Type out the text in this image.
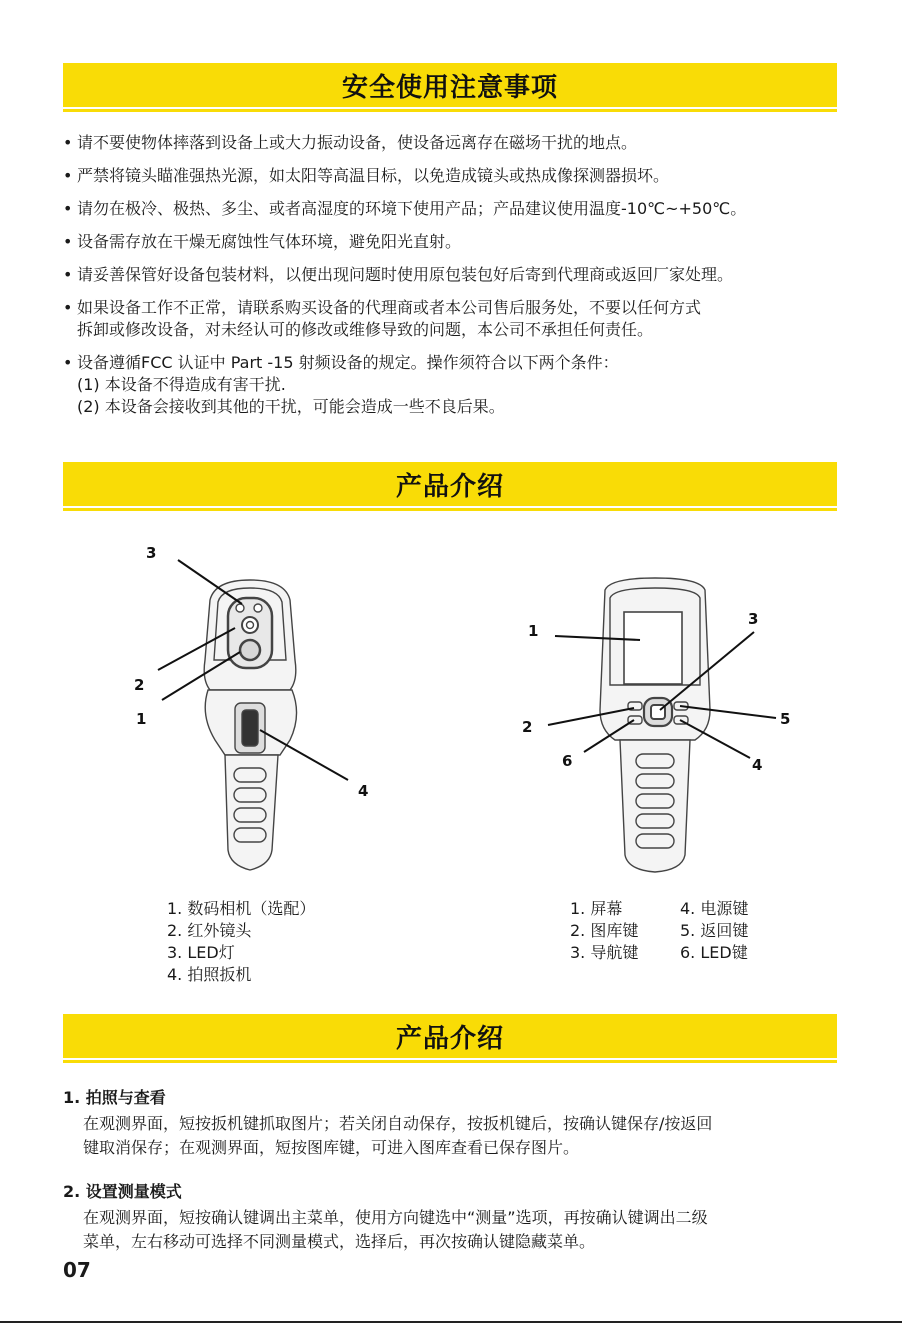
安全使用注意事项
• 请不要使物体摔落到设备上或大力振动设备，使设备远离存在磁场干扰的地点。
• 严禁将镜头瞄准强热光源，如太阳等高温目标，以免造成镜头或热成像探测器损坏。
• 请勿在极冷、极热、多尘、或者高湿度的环境下使用产品；产品建议使用温度-10℃~+50℃。
• 设备需存放在干燥无腐蚀性气体环境，避免阳光直射。
• 请妥善保管好设备包装材料，以便出现问题时使用原包装包好后寄到代理商或返回厂家处理。
• 如果设备工作不正常，请联系购买设备的代理商或者本公司售后服务处，不要以任何方式
拆卸或修改设备，对未经认可的修改或维修导致的问题，本公司不承担任何责任。
• 设备遵循FCC 认证中 Part -15 射频设备的规定。操作须符合以下两个条件：
(1) 本设备不得造成有害干扰.
(2) 本设备会接收到其他的干扰，可能会造成一些不良后果。
产品介绍
3
2
1
4
1
3
2	5
6	4
1. 数码相机（选配）
2. 红外镜头
3. LED灯
4. 拍照扳机
1. 屏幕
2. 图库键
3. 导航键
4. 电源键
5. 返回键
6. LED键
产品介绍
1. 拍照与查看
在观测界面，短按扳机键抓取图片；若关闭自动保存，按扳机键后，按确认键保存/按返回
键取消保存；在观测界面，短按图库键，可进入图库查看已保存图片。
2. 设置测量模式
在观测界面，短按确认键调出主菜单，使用方向键选中“测量”选项，再按确认键调出二级
菜单，左右移动可选择不同测量模式，选择后，再次按确认键隐藏菜单。
07
